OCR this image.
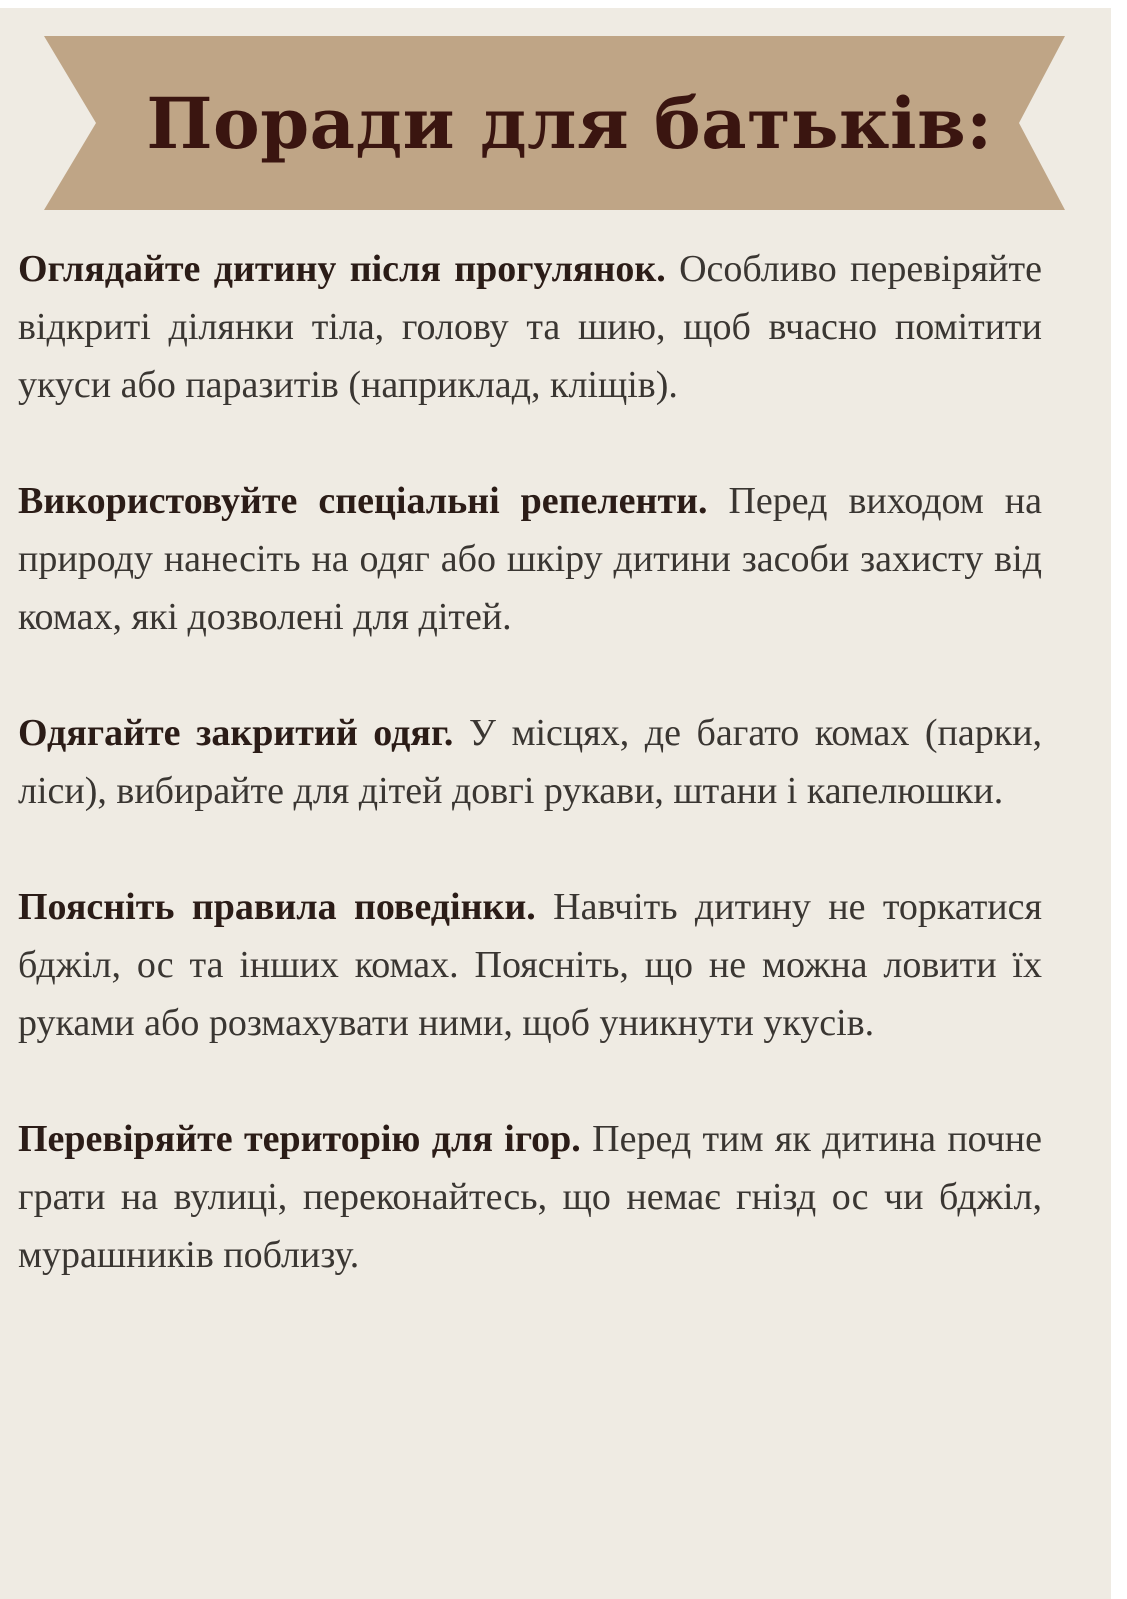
Поради для батьків:

Оглядайте дитину після прогулянок. Особливо перевіряйте відкриті ділянки тіла, голову та шию, щоб вчасно помітити укуси або паразитів (наприклад, кліщів).

Використовуйте спеціальні репеленти. Перед виходом на природу нанесіть на одяг або шкіру дитини засоби захисту від комах, які дозволені для дітей.

Одягайте закритий одяг. У місцях, де багато комах (парки, ліси), вибирайте для дітей довгі рукави, штани і капелюшки.

Поясніть правила поведінки. Навчіть дитину не торкатися бджіл, ос та інших комах. Поясніть, що не можна ловити їх руками або розмахувати ними, щоб уникнути укусів.

Перевіряйте територію для ігор. Перед тим як дитина почне грати на вулиці, переконайтесь, що немає гнізд ос чи бджіл, мурашників поблизу.
